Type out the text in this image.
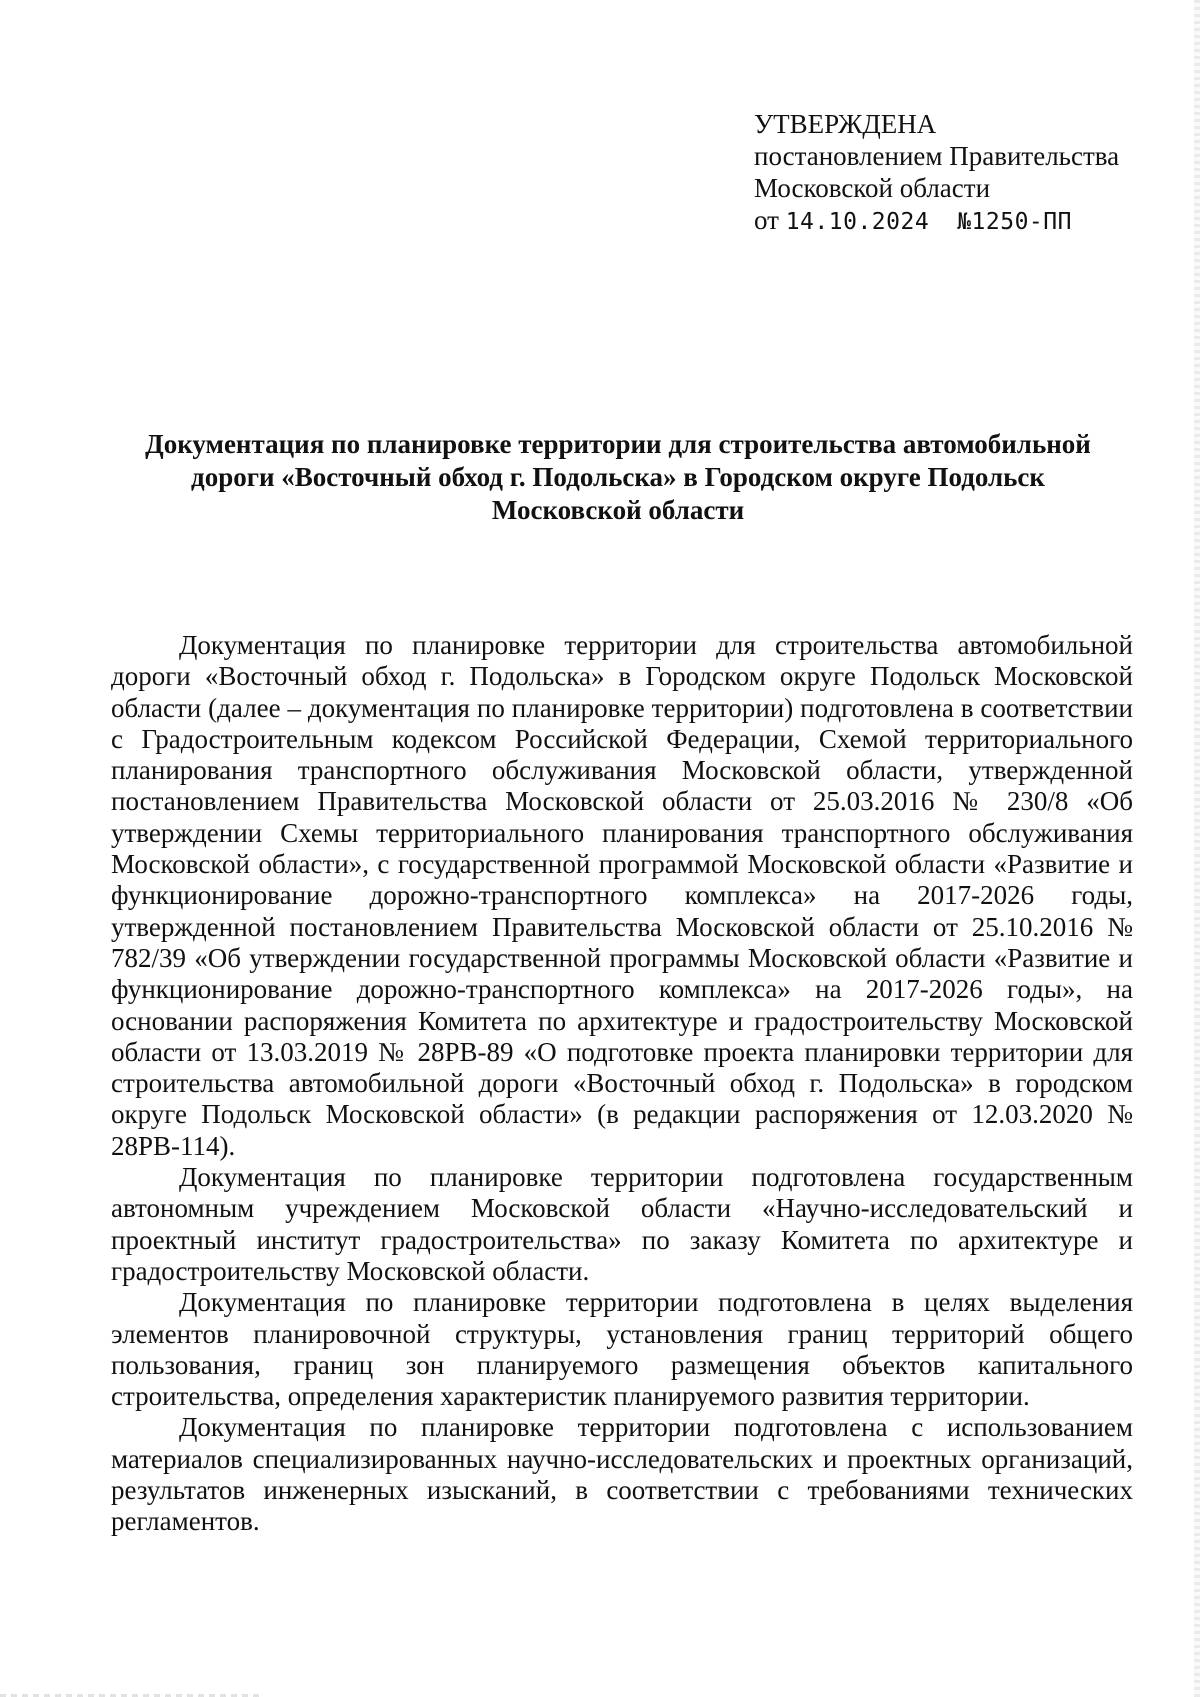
УТВЕРЖДЕНА
постановлением Правительства
Московской области
от 14.10.2024 №1250-ПП
Документация по планировке территории для строительства автомобильной
дороги «Восточный обход г. Подольска» в Городском округе Подольск
Московской области

Документация по планировке территории для строительства автомобильной дороги «Восточный обход г. Подольска» в Городском округе Подольск Московской области (далее – документация по планировке территории) подготовлена в соответствии с Градостроительным кодексом Российской Федерации, Схемой территориального планирования транспортного обслуживания Московской области, утвержденной постановлением Правительства Московской области от 25.03.2016 № 230/8 «Об утверждении Схемы территориального планирования транспортного обслуживания Московской области», с государственной программой Московской области «Развитие и функционирование дорожно-транспортного комплекса» на 2017-2026 годы, утвержденной постановлением Правительства Московской области от 25.10.2016 № 782/39 «Об утверждении государственной программы Московской области «Развитие и функционирование дорожно-транспортного комплекса» на 2017-2026 годы», на основании распоряжения Комитета по архитектуре и градостроительству Московской области от 13.03.2019 № 28РВ-89 «О подготовке проекта планировки территории для строительства автомобильной дороги «Восточный обход г. Подольска» в городском округе Подольск Московской области» (в редакции распоряжения от 12.03.2020 № 28РВ-114).

Документация по планировке территории подготовлена государственным автономным учреждением Московской области «Научно-исследовательский и проектный институт градостроительства» по заказу Комитета по архитектуре и градостроительству Московской области.

Документация по планировке территории подготовлена в целях выделения элементов планировочной структуры, установления границ территорий общего пользования, границ зон планируемого размещения объектов капитального строительства, определения характеристик планируемого развития территории.

Документация по планировке территории подготовлена с использованием материалов специализированных научно-исследовательских и проектных организаций, результатов инженерных изысканий, в соответствии с требованиями технических регламентов.
